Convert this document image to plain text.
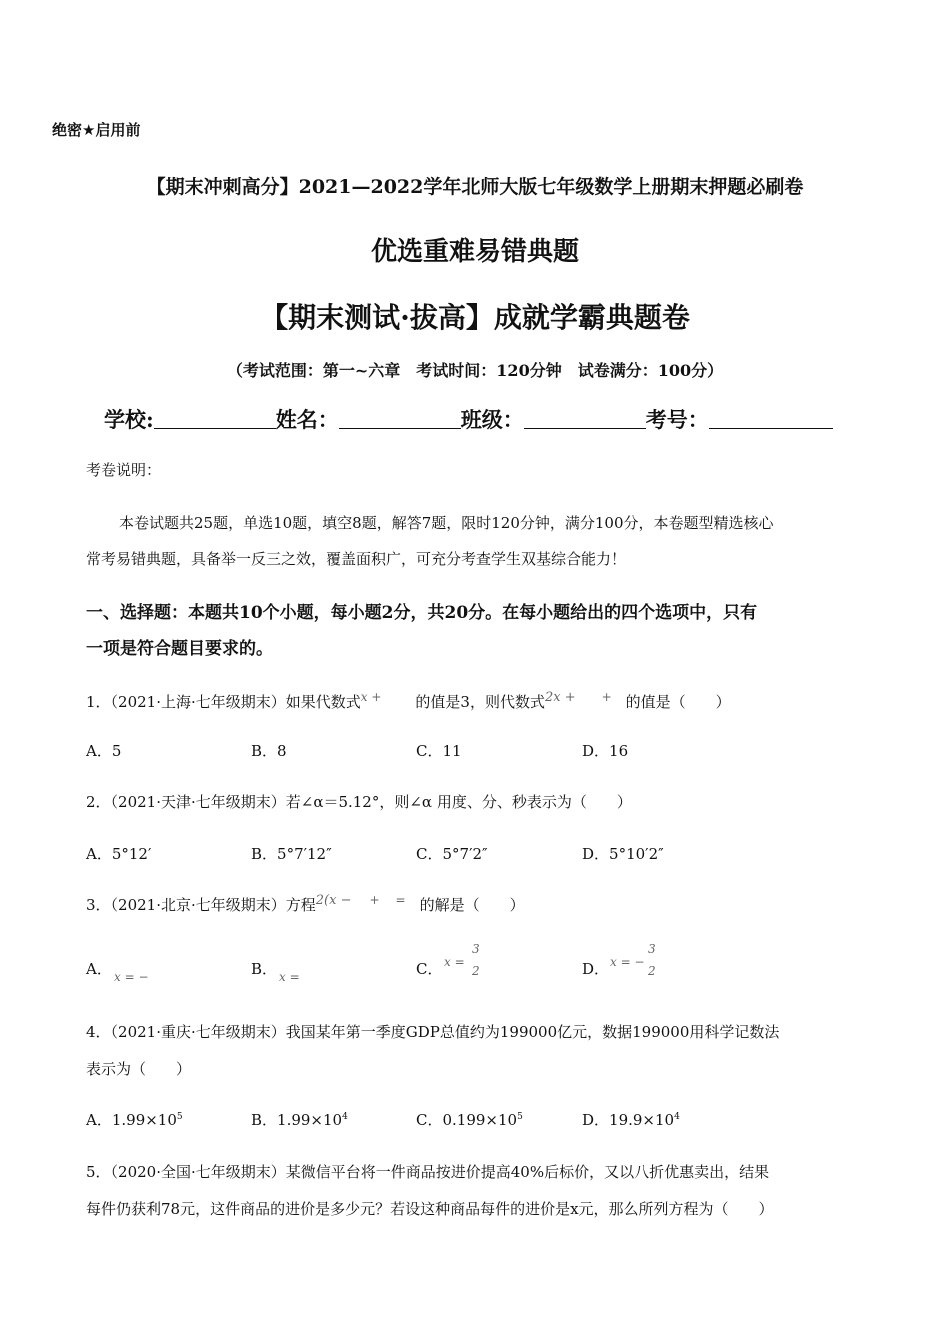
绝密★启用前
【期末冲刺高分】2021—2022学年北师大版七年级数学上册期末押题必刷卷
优选重难易错典题
【期末测试·拔高】成就学霸典题卷
（考试范围：第一~六章　考试时间：120分钟　试卷满分：100分）
学校:	姓名：	班级：	考号：
考卷说明：
本卷试题共25题，单选10题，填空8题，解答7题，限时120分钟，满分100分，本卷题型精选核心
常考易错典题，具备举一反三之效，覆盖面积广，可充分考查学生双基综合能力！
一、选择题：本题共10个小题，每小题2分，共20分。在每小题给出的四个选项中，只有
一项是符合题目要求的。
1．（2021·上海·七年级期末）如果代数式$^{x +}$ 的值是3，则代数式2x + + 的值是（　　）
A．5	B．8	C．11	D．16
2．（2021·天津·七年级期末）若∠α＝5.12°，则∠α 用度、分、秒表示为（　　）
A．5°12′	B．5°7′12″	C．5°7′2″	D．5°10′2″
3．（2021·北京·七年级期末）方程2(x − + = 的解是（　　）
A． x = −	B． x =	C． x =
3
2	D． x = −
3
2
4．（2021·重庆·七年级期末）我国某年第一季度GDP总值约为199000亿元，数据199000用科学记数法
表示为（　　）
A．$1.99\times 10^5$	B．$1.99\times 10^4$	C．$0.199\times 10^5$	D．$19.9\times 10^4$
5．（2020·全国·七年级期末）某微信平台将一件商品按进价提高40%后标价，又以八折优惠卖出，结果
每件仍获利78元，这件商品的进价是多少元？若设这种商品每件的进价是x元，那么所列方程为（　　）
